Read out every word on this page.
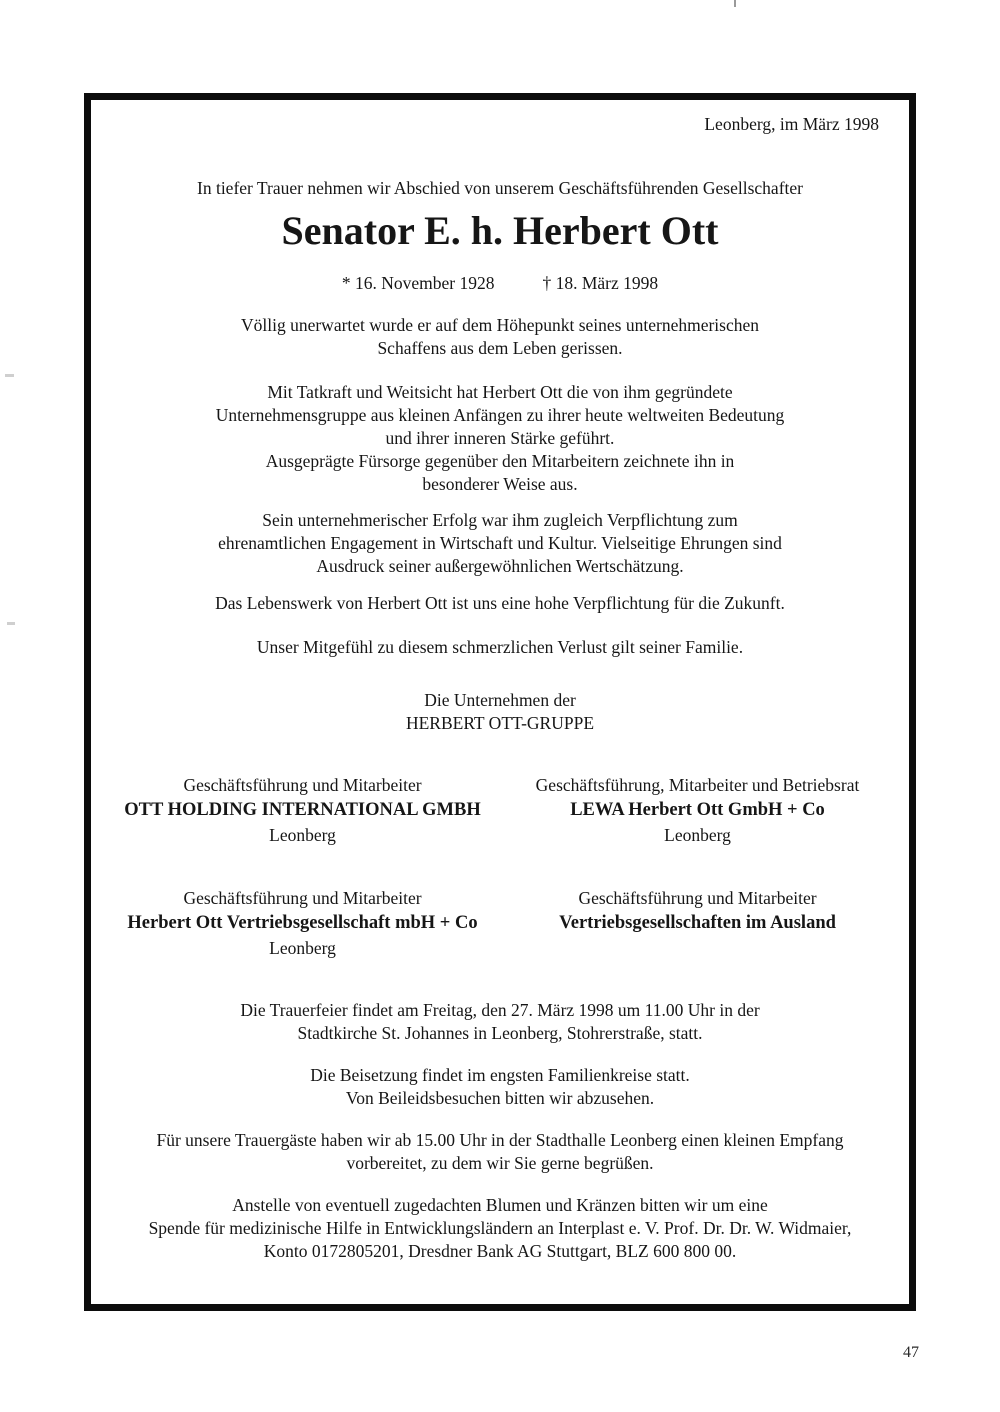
Leonberg, im März 1998
In tiefer Trauer nehmen wir Abschied von unserem Geschäftsführenden Gesellschafter
Senator E. h. Herbert Ott
* 16. November 1928	† 18. März 1998
Völlig unerwartet wurde er auf dem Höhepunkt seines unternehmerischen
Schaffens aus dem Leben gerissen.
Mit Tatkraft und Weitsicht hat Herbert Ott die von ihm gegründete
Unternehmensgruppe aus kleinen Anfängen zu ihrer heute weltweiten Bedeutung
und ihrer inneren Stärke geführt.
Ausgeprägte Fürsorge gegenüber den Mitarbeitern zeichnete ihn in
besonderer Weise aus.
Sein unternehmerischer Erfolg war ihm zugleich Verpflichtung zum
ehrenamtlichen Engagement in Wirtschaft und Kultur. Vielseitige Ehrungen sind
Ausdruck seiner außergewöhnlichen Wertschätzung.
Das Lebenswerk von Herbert Ott ist uns eine hohe Verpflichtung für die Zukunft.
Unser Mitgefühl zu diesem schmerzlichen Verlust gilt seiner Familie.
Die Unternehmen der
HERBERT OTT-GRUPPE
Geschäftsführung und Mitarbeiter
OTT HOLDING INTERNATIONAL GMBH
Leonberg
Geschäftsführung, Mitarbeiter und Betriebsrat
LEWA Herbert Ott GmbH + Co
Leonberg
Geschäftsführung und Mitarbeiter
Herbert Ott Vertriebsgesellschaft mbH + Co
Leonberg
Geschäftsführung und Mitarbeiter
Vertriebsgesellschaften im Ausland
Die Trauerfeier findet am Freitag, den 27. März 1998 um 11.00 Uhr in der
Stadtkirche St. Johannes in Leonberg, Stohrerstraße, statt.
Die Beisetzung findet im engsten Familienkreise statt.
Von Beileidsbesuchen bitten wir abzusehen.
Für unsere Trauergäste haben wir ab 15.00 Uhr in der Stadthalle Leonberg einen kleinen Empfang
vorbereitet, zu dem wir Sie gerne begrüßen.
Anstelle von eventuell zugedachten Blumen und Kränzen bitten wir um eine
Spende für medizinische Hilfe in Entwicklungsländern an Interplast e. V. Prof. Dr. Dr. W. Widmaier,
Konto 0172805201, Dresdner Bank AG Stuttgart, BLZ 600 800 00.
47
